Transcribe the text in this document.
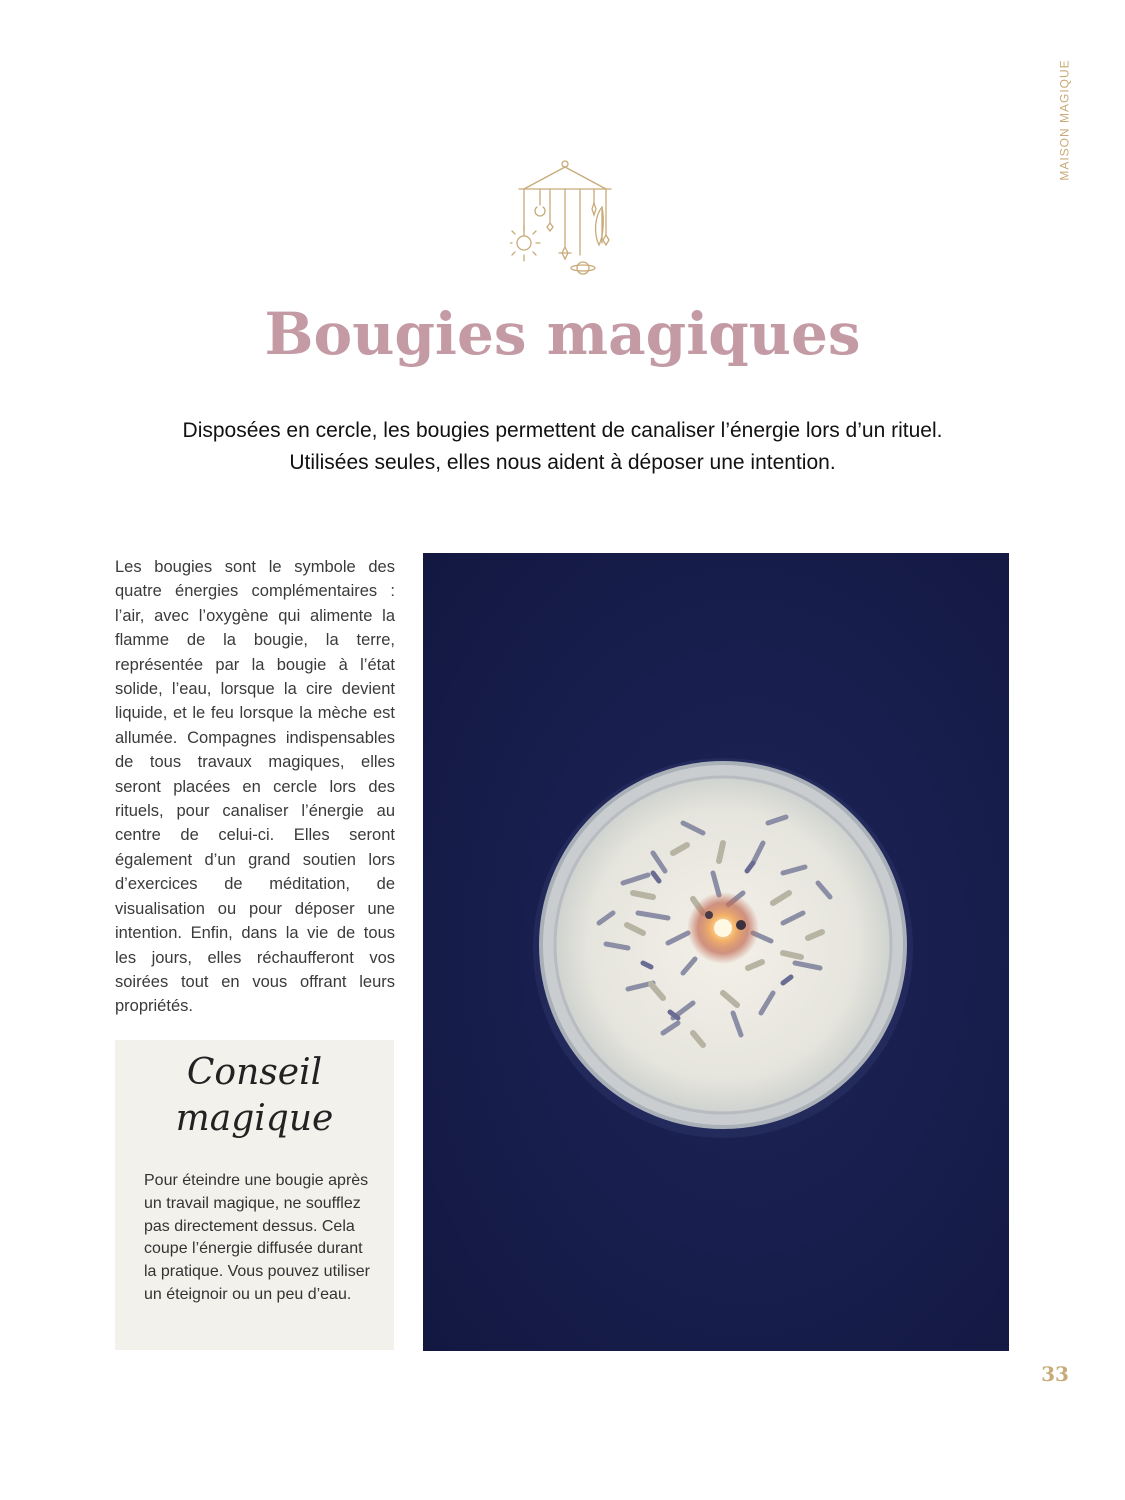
MAISON MAGIQUE
Bougies magiques

Disposées en cercle, les bougies permettent de canaliser l’énergie lors d’un rituel. Utilisées seules, elles nous aident à déposer une intention.

Les bougies sont le symbole des quatre énergies complémentaires : l’air, avec l’oxygène qui alimente la flamme de la bougie, la terre, représentée par la bougie à l’état solide, l’eau, lorsque la cire devient liquide, et le feu lorsque la mèche est allumée. Compagnes indispensables de tous travaux magiques, elles seront placées en cercle lors des rituels, pour canaliser l’énergie au centre de celui-ci. Elles seront également d’un grand soutien lors d’exercices de méditation, de visualisation ou pour déposer une intention. Enfin, dans la vie de tous les jours, elles réchaufferont vos soirées tout en vous offrant leurs propriétés.

Conseil
magique

Pour éteindre une bougie après un travail magique, ne soufflez pas directement dessus. Cela coupe l’énergie diffusée durant la pratique. Vous pouvez utiliser un éteignoir ou un peu d’eau.

33
